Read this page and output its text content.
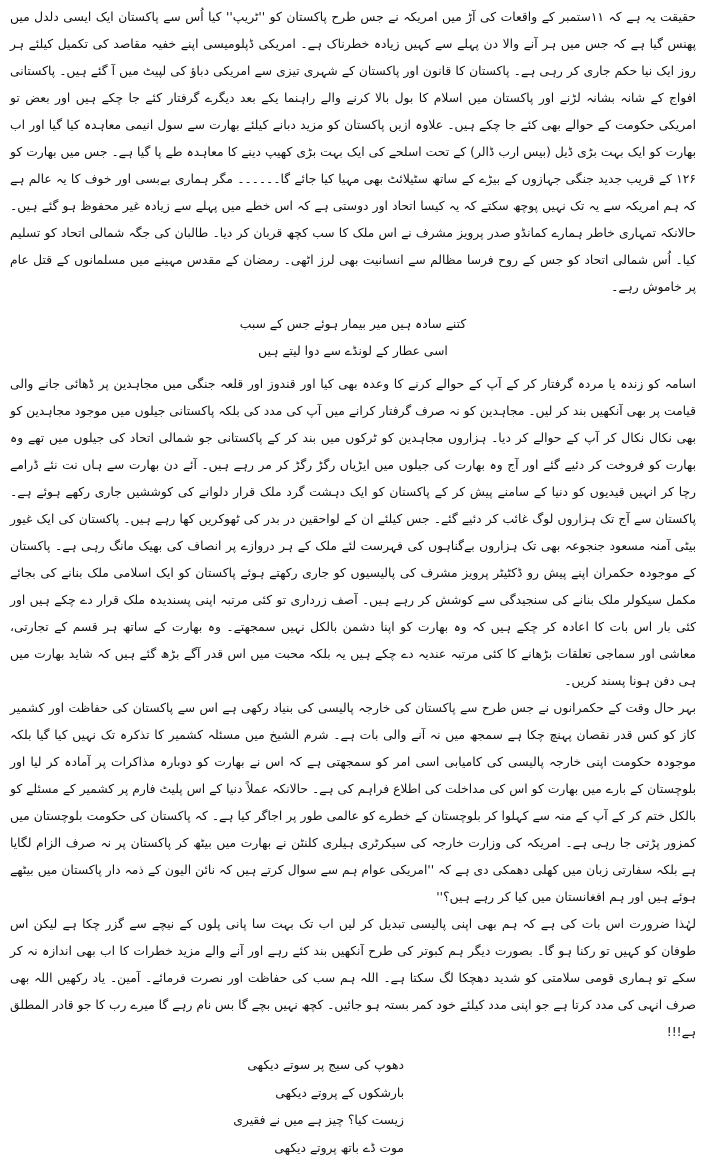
حقیقت یہ ہے کہ ۱۱ستمبر کے واقعات کی آڑ میں امریکہ نے جس طرح پاکستان کو ''ٹریپ'' کیا اُس سے پاکستان ایک ایسی دلدل میں پھنس گیا ہے کہ جس میں ہر آنے والا دن پہلے سے کہیں زیادہ خطرناک ہے۔ امریکی ڈپلومیسی اپنے خفیہ مقاصد کی تکمیل کیلئے ہر روز ایک نیا حکم جاری کر رہی ہے۔ پاکستان کا قانون اور پاکستان کے شہری تیزی سے امریکی دباؤ کی لپیٹ میں آ گئے ہیں۔ پاکستانی افواج کے شانہ بشانہ لڑنے اور پاکستان میں اسلام کا بول بالا کرنے والے راہنما یکے بعد دیگرے گرفتار کئے جا چکے ہیں اور بعض تو امریکی حکومت کے حوالے بھی کئے جا چکے ہیں۔ علاوہ ازیں پاکستان کو مزید دبانے کیلئے بھارت سے سول انیمی معاہدہ کیا گیا اور اب بھارت کو ایک بہت بڑی ڈیل (بیس ارب ڈالر) کے تحت اسلحے کی ایک بہت بڑی کھیپ دینے کا معاہدہ طے پا گیا ہے۔ جس میں بھارت کو ۱۲۶ کے قریب جدید جنگی جہازوں کے بیڑے کے ساتھ سٹیلائٹ بھی مہیا کیا جائے گا۔۔۔۔۔۔ مگر ہماری بےبسی اور خوف کا یہ عالم ہے کہ ہم امریکہ سے یہ تک نہیں پوچھ سکتے کہ یہ کیسا اتحاد اور دوستی ہے کہ اس خطے میں پہلے سے زیادہ غیر محفوظ ہو گئے ہیں۔ حالانکہ تمہاری خاطر ہمارے کمانڈو صدر پرویز مشرف نے اس ملک کا سب کچھ قربان کر دیا۔ طالبان کی جگہ شمالی اتحاد کو تسلیم کیا۔ اُس شمالی اتحاد کو جس کے روح فرسا مظالم سے انسانیت بھی لرز اٹھی۔ رمضان کے مقدس مہینے میں مسلمانوں کے قتل عام پر خاموش رہے۔

کتنے سادہ ہیں میر بیمار ہوئے جس کے سبب

اسی عطار کے لونڈے سے دوا لیتے ہیں

اسامہ کو زندہ یا مردہ گرفتار کر کے آپ کے حوالے کرنے کا وعدہ بھی کیا اور قندوز اور قلعہ جنگی میں مجاہدین پر ڈھائی جانے والی قیامت پر بھی آنکھیں بند کر لیں۔ مجاہدین کو نہ صرف گرفتار کرانے میں آپ کی مدد کی بلکہ پاکستانی جیلوں میں موجود مجاہدین کو بھی نکال نکال کر آپ کے حوالے کر دیا۔ ہزاروں مجاہدین کو ٹرکوں میں بند کر کے پاکستانی جو شمالی اتحاد کی جیلوں میں تھے وہ بھارت کو فروخت کر دئیے گئے اور آج وہ بھارت کی جیلوں میں ایڑیاں رگڑ رگڑ کر مر رہے ہیں۔ آئے دن بھارت سے ہاں نت نئے ڈرامے رچا کر انہیں قیدیوں کو دنیا کے سامنے پیش کر کے پاکستان کو ایک دہشت گرد ملک قرار دلوانے کی کوششیں جاری رکھے ہوئے ہے۔ پاکستان سے آج تک ہزاروں لوگ غائب کر دئیے گئے۔ جس کیلئے ان کے لواحقین در بدر کی ٹھوکریں کھا رہے ہیں۔ پاکستان کی ایک غیور بیٹی آمنہ مسعود جنجوعہ بھی تک ہزاروں بےگناہوں کی فہرست لئے ملک کے ہر دروازے پر انصاف کی بھیک مانگ رہی ہے۔ پاکستان کے موجودہ حکمران اپنے پیش رو ڈکٹیٹر پرویز مشرف کی پالیسیوں کو جاری رکھتے ہوئے پاکستان کو ایک اسلامی ملک بنانے کی بجائے مکمل سیکولر ملک بنانے کی سنجیدگی سے کوشش کر رہے ہیں۔ آصف زرداری تو کئی مرتبہ اپنی پسندیدہ ملک قرار دے چکے ہیں اور کئی بار اس بات کا اعادہ کر چکے ہیں کہ وہ بھارت کو اپنا دشمن بالکل نہیں سمجھتے۔ وہ بھارت کے ساتھ ہر قسم کے تجارتی، معاشی اور سماجی تعلقات بڑھانے کا کئی مرتبہ عندیہ دے چکے ہیں یہ بلکہ محبت میں اس قدر آگے بڑھ گئے ہیں کہ شاید بھارت میں ہی دفن ہونا پسند کریں۔

بہر حال وقت کے حکمرانوں نے جس طرح سے پاکستان کی خارجہ پالیسی کی بنیاد رکھی ہے اس سے پاکستان کی حفاظت اور کشمیر کاز کو کس قدر نقصان پہنچ چکا ہے سمجھ میں نہ آنے والی بات ہے۔ شرم الشیخ میں مسئلہ کشمیر کا تذکرہ تک نہیں کیا گیا بلکہ موجودہ حکومت اپنی خارجہ پالیسی کی کامیابی اسی امر کو سمجھتی ہے کہ اس نے بھارت کو دوبارہ مذاکرات پر آمادہ کر لیا اور بلوچستان کے بارے میں بھارت کو اس کی مداخلت کی اطلاع فراہم کی ہے۔ حالانکہ عملاً دنیا کے اس پلیٹ فارم پر کشمیر کے مسئلے کو بالکل ختم کر کے آپ کے منہ سے کہلوا کر بلوچستان کے خطرے کو عالمی طور پر اجاگر کیا ہے۔ کہ پاکستان کی حکومت بلوچستان میں کمزور پڑتی جا رہی ہے۔ امریکہ کی وزارت خارجہ کی سیکرٹری ہیلری کلنٹن نے بھارت میں بیٹھ کر پاکستان پر نہ صرف الزام لگایا ہے بلکہ سفارتی زبان میں کھلی دھمکی دی ہے کہ ''امریکی عوام ہم سے سوال کرتے ہیں کہ نائن الیون کے ذمہ دار پاکستان میں بیٹھے ہوئے ہیں اور ہم افغانستان میں کیا کر رہے ہیں؟''

لہٰذا ضرورت اس بات کی ہے کہ ہم بھی اپنی پالیسی تبدیل کر لیں اب تک بہت سا پانی پلوں کے نیچے سے گزر چکا ہے لیکن اس طوفان کو کہیں تو رکنا ہو گا۔ بصورت دیگر ہم کبوتر کی طرح آنکھیں بند کئے رہے اور آنے والے مزید خطرات کا اب بھی اندازہ نہ کر سکے تو ہماری قومی سلامتی کو شدید دھچکا لگ سکتا ہے۔ اللہ ہم سب کی حفاظت اور نصرت فرمائے۔ آمین۔ یاد رکھیں اللہ بھی صرف انہی کی مدد کرتا ہے جو اپنی مدد کیلئے خود کمر بستہ ہو جائیں۔ کچھ نہیں بچے گا بس نام رہے گا میرے رب کا جو قادر المطلق ہے!!!

دھوپ کی سیج پر سوتے دیکھی

بارشکوں کے پروتے دیکھی

زیست کیا؟ چیز ہے میں نے فقیری

موت ڈے باتھ پروتے دیکھی
